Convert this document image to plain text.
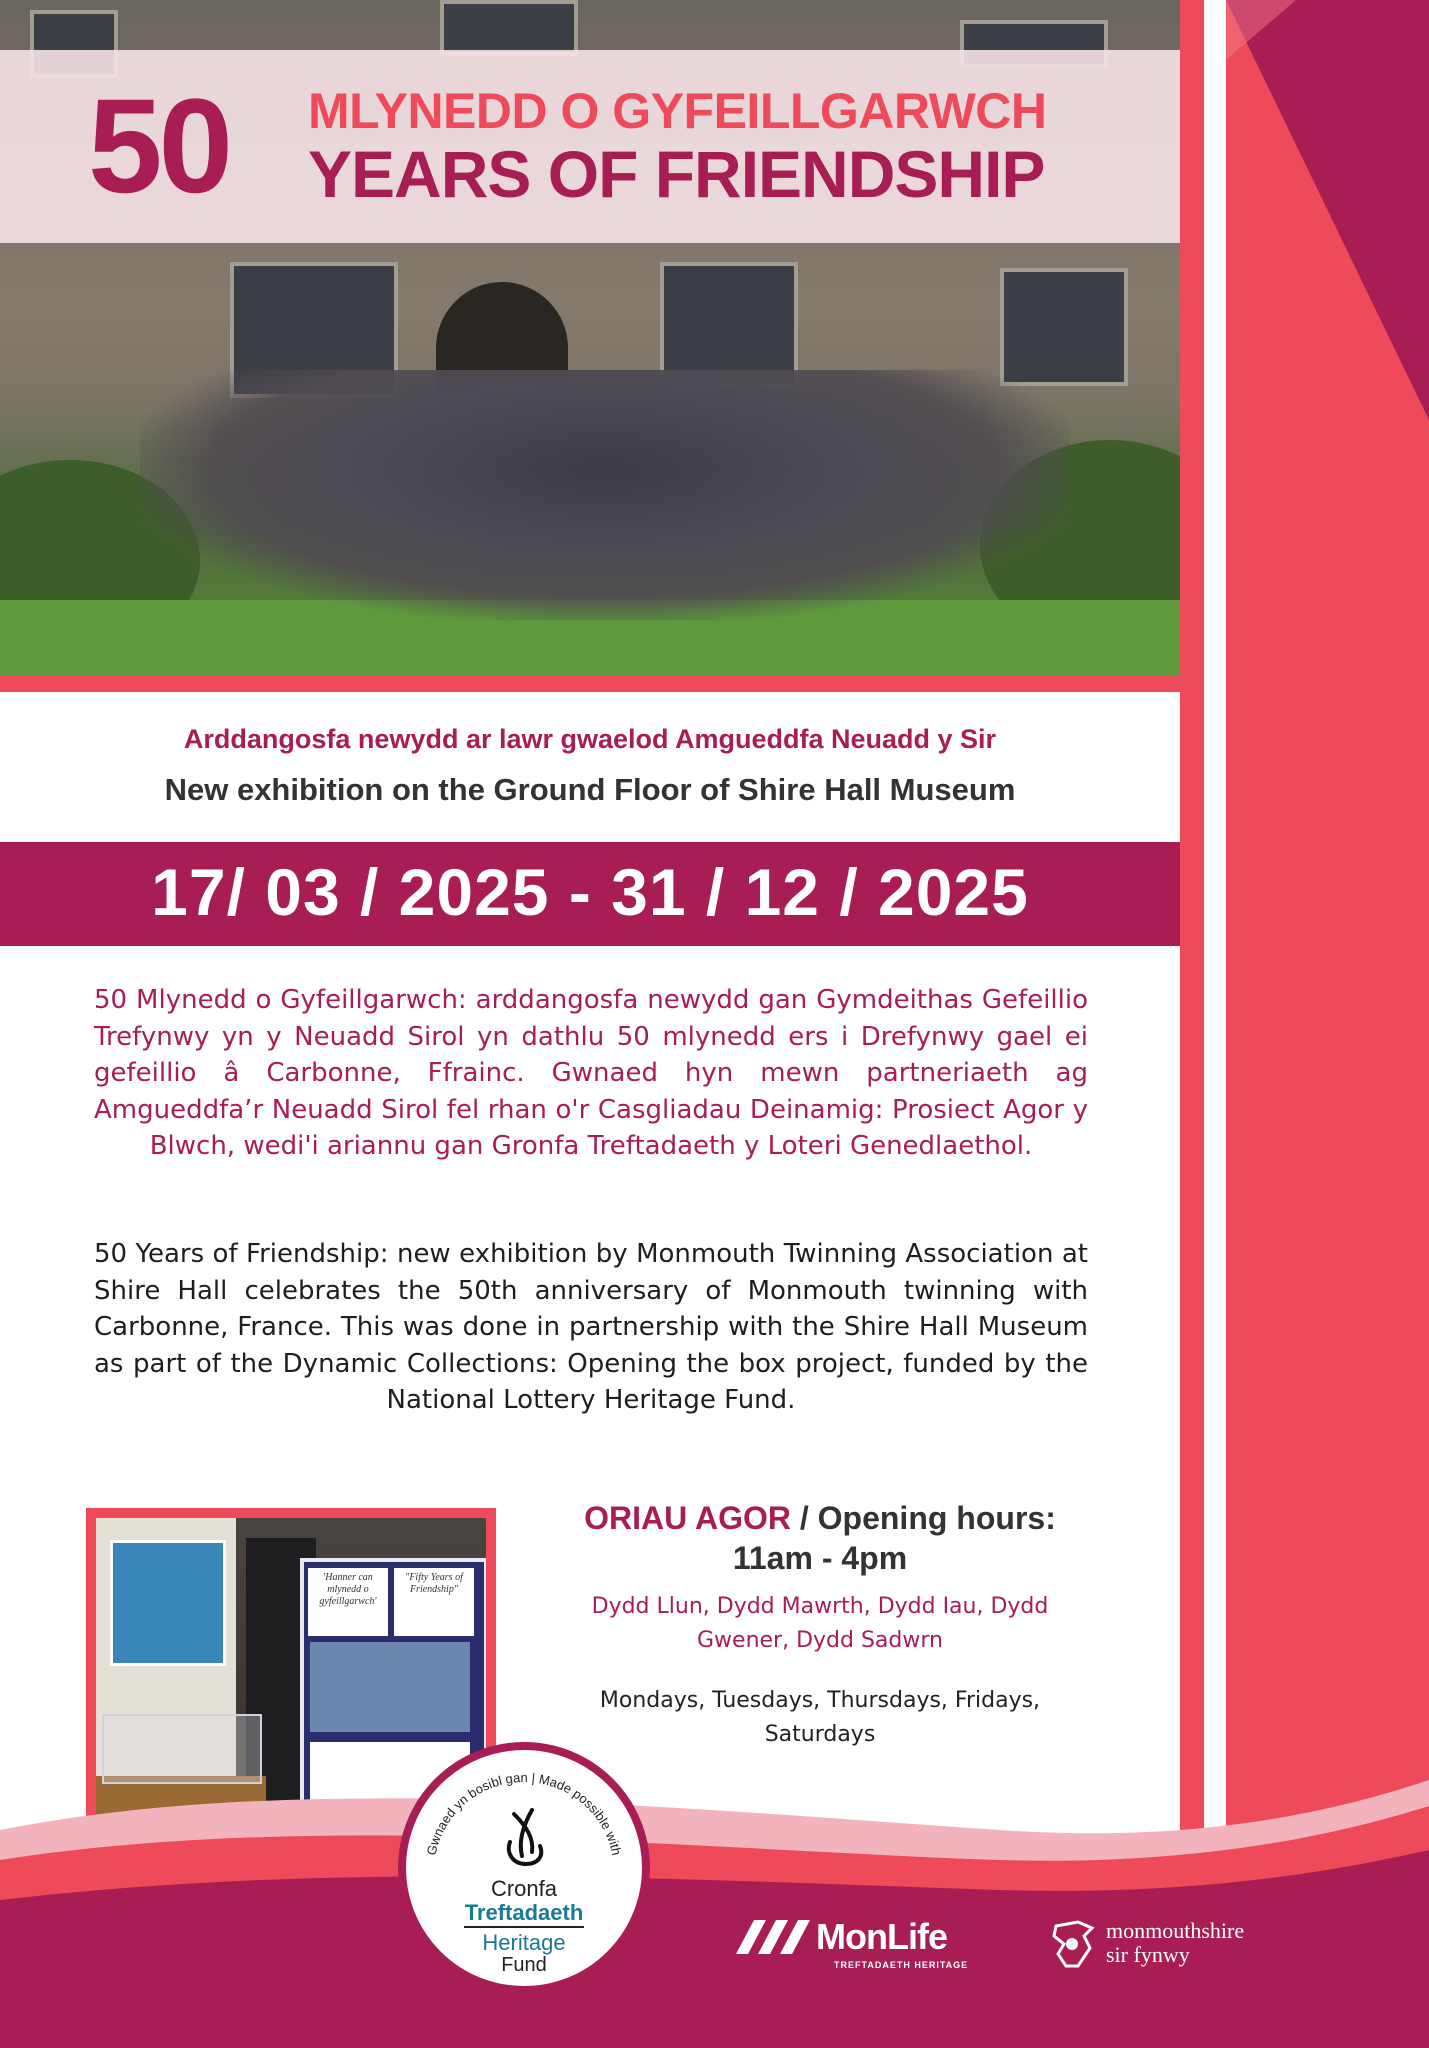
50 MLYNEDD O GYFEILLGARWCH
YEARS OF FRIENDSHIP
Arddangosfa newydd ar lawr gwaelod Amgueddfa Neuadd y Sir
New exhibition on the Ground Floor of Shire Hall Museum
17/ 03 / 2025 - 31 / 12 / 2025
50 Mlynedd o Gyfeillgarwch: arddangosfa newydd gan Gymdeithas Gefeillio Trefynwy yn y Neuadd Sirol yn dathlu 50 mlynedd ers i Drefynwy gael ei gefeillio â Carbonne, Ffrainc. Gwnaed hyn mewn partneriaeth ag Amgueddfa’r Neuadd Sirol fel rhan o'r Casgliadau Deinamig: Prosiect Agor y Blwch, wedi'i ariannu gan Gronfa Treftadaeth y Loteri Genedlaethol.
50 Years of Friendship: new exhibition by Monmouth Twinning Association at Shire Hall celebrates the 50th anniversary of Monmouth twinning with Carbonne, France. This was done in partnership with the Shire Hall Museum as part of the Dynamic Collections: Opening the box project, funded by the National Lottery Heritage Fund.
'Hanner can mlynedd o gyfeillgarwch'
"Fifty Years of Friendship"
ORIAU AGOR / Opening hours:
11am - 4pm
Dydd Llun, Dydd Mawrth, Dydd Iau, Dydd Gwener, Dydd Sadwrn
Mondays, Tuesdays, Thursdays, Fridays, Saturdays
Gwnaed yn bosibl gan | Made possible with
Cronfa
Treftadaeth
Heritage
Fund
MonLife
TREFTADAETH HERITAGE
monmouthshire
sir fynwy
